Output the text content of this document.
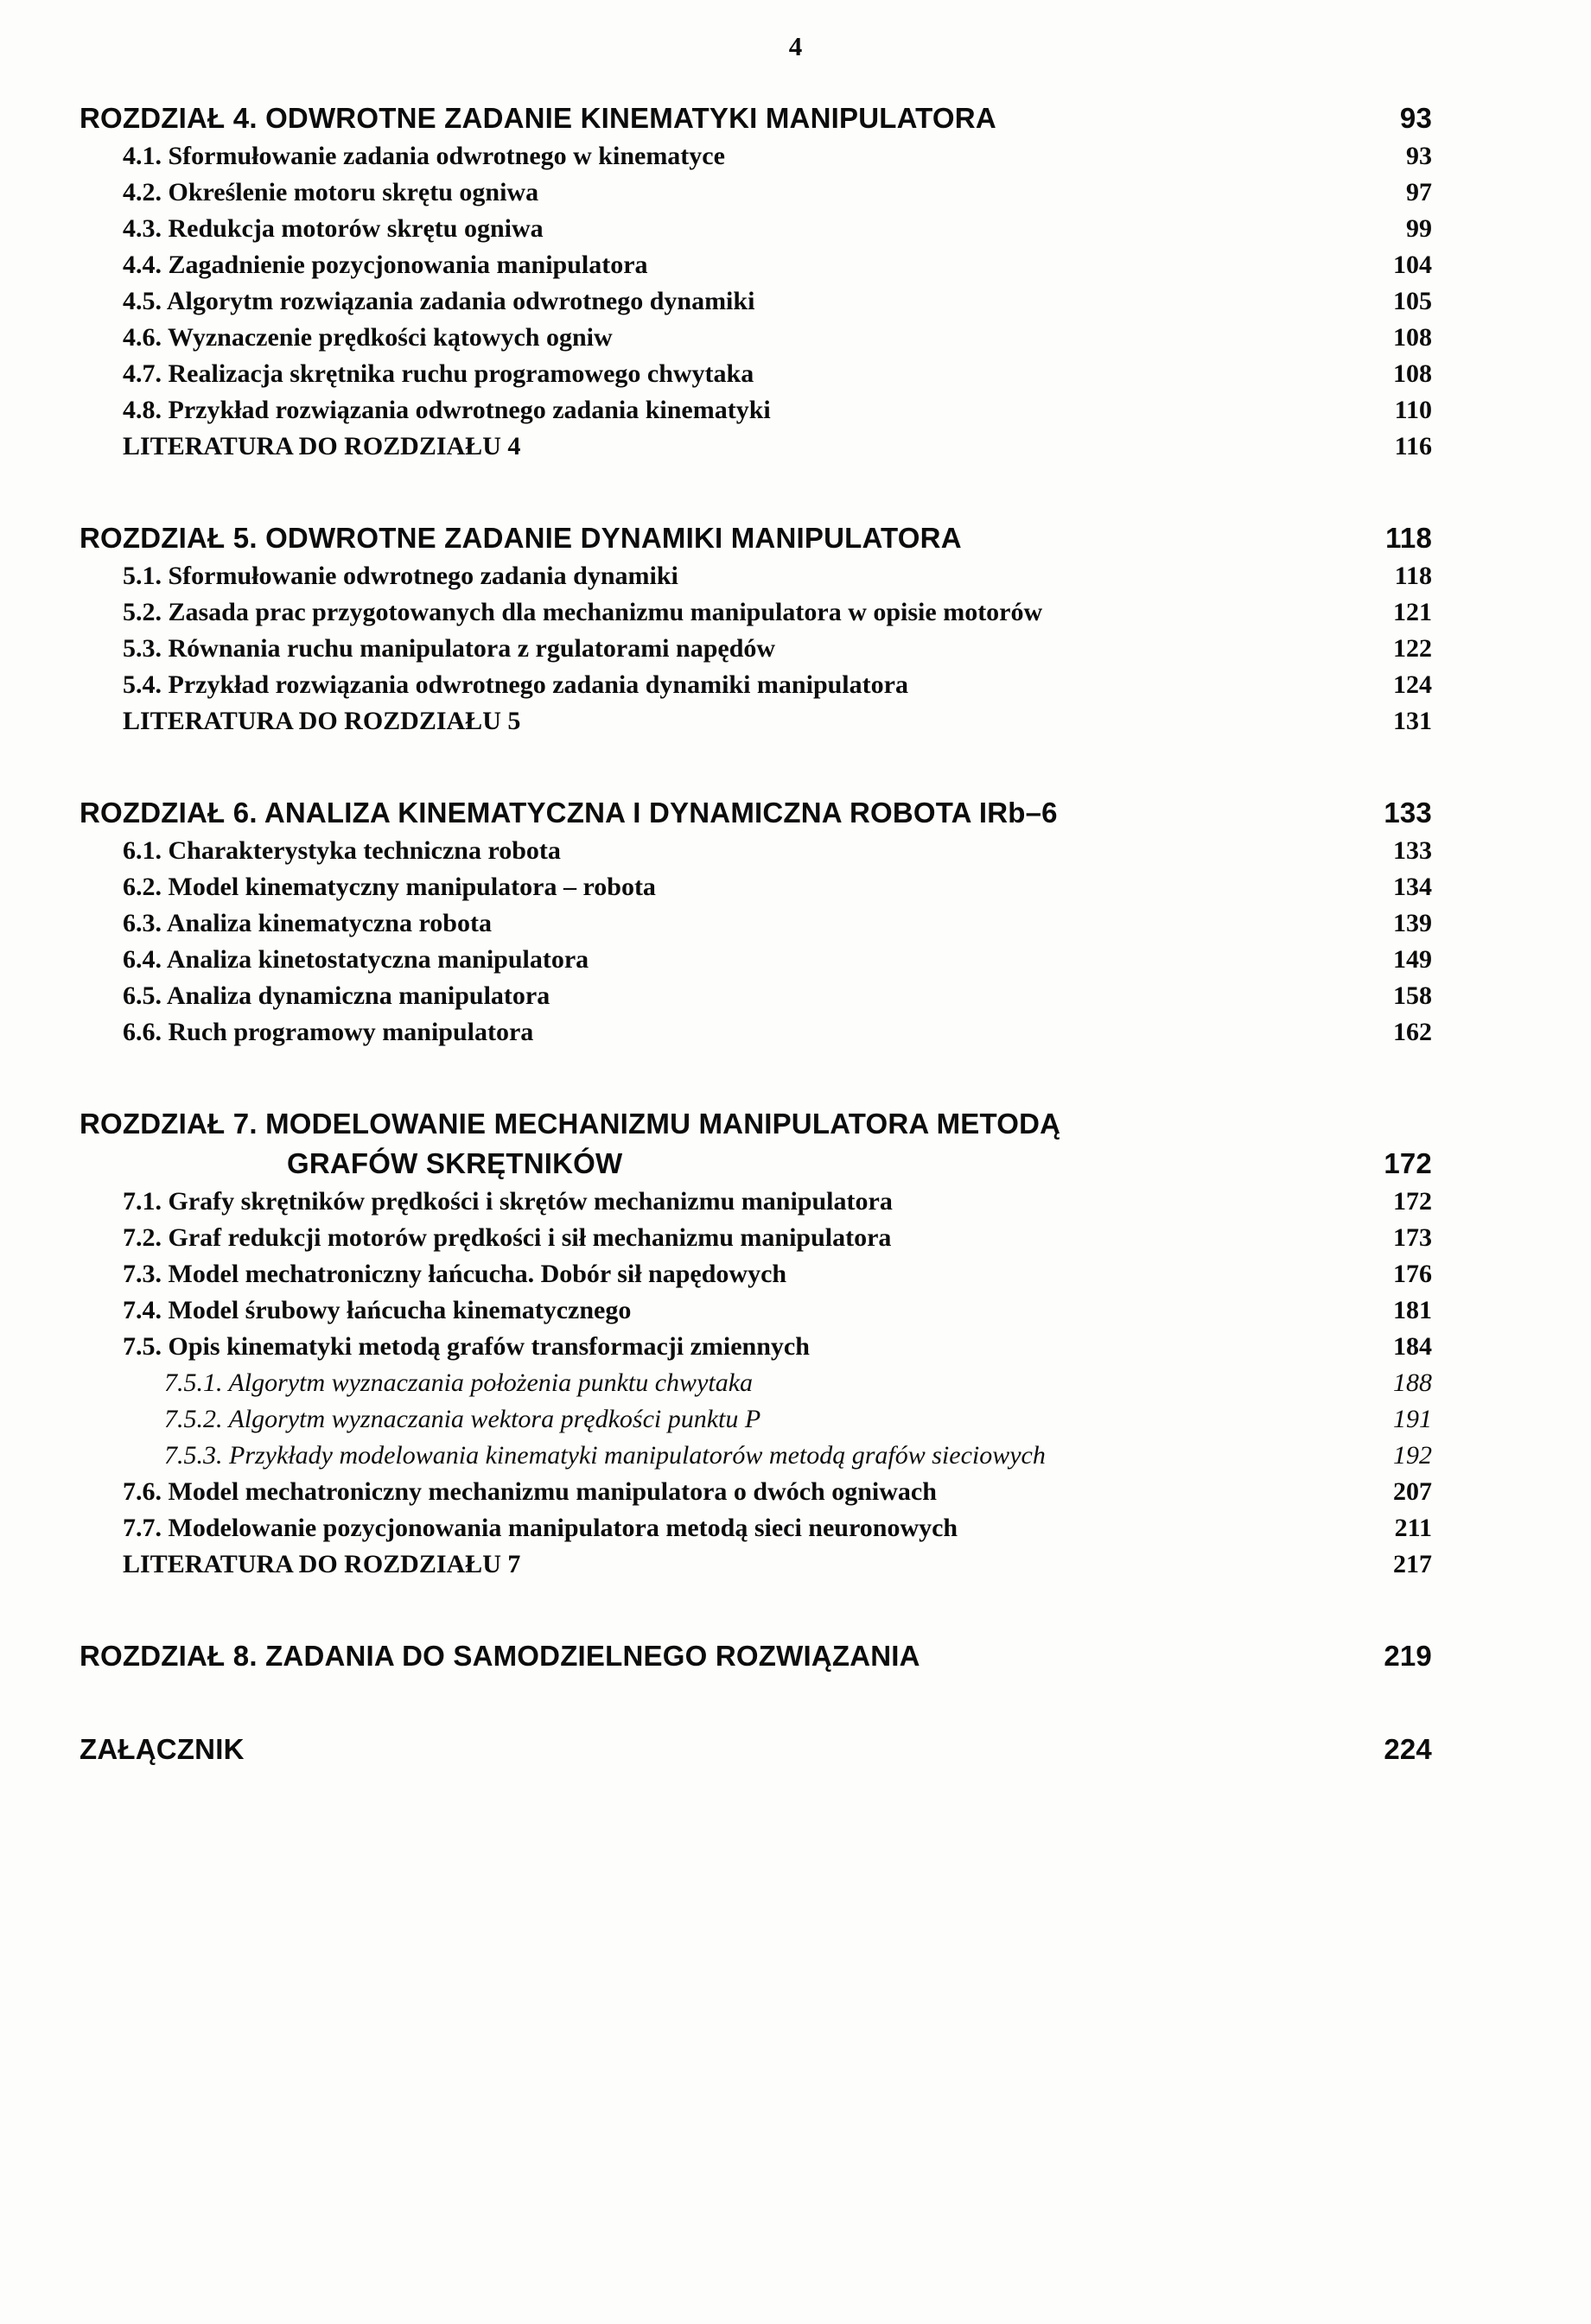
4
ROZDZIAŁ 4. ODWROTNE ZADANIE KINEMATYKI MANIPULATORA	93
4.1. Sformułowanie zadania odwrotnego w kinematyce	93
4.2. Określenie motoru skrętu ogniwa	97
4.3. Redukcja motorów skrętu ogniwa	99
4.4. Zagadnienie pozycjonowania manipulatora	104
4.5. Algorytm rozwiązania zadania odwrotnego dynamiki	105
4.6. Wyznaczenie prędkości kątowych ogniw	108
4.7. Realizacja skrętnika ruchu programowego chwytaka	108
4.8. Przykład rozwiązania odwrotnego zadania kinematyki	110
LITERATURA DO ROZDZIAŁU 4	116
ROZDZIAŁ 5. ODWROTNE ZADANIE DYNAMIKI MANIPULATORA	118
5.1. Sformułowanie odwrotnego zadania dynamiki	118
5.2. Zasada prac przygotowanych dla mechanizmu manipulatora w opisie motorów	121
5.3. Równania ruchu manipulatora z rgulatorami napędów	122
5.4. Przykład rozwiązania odwrotnego zadania dynamiki manipulatora	124
LITERATURA DO ROZDZIAŁU 5	131
ROZDZIAŁ 6. ANALIZA KINEMATYCZNA I DYNAMICZNA ROBOTA IRb–6	133
6.1. Charakterystyka techniczna robota	133
6.2. Model kinematyczny manipulatora – robota	134
6.3. Analiza kinematyczna robota	139
6.4. Analiza kinetostatyczna manipulatora	149
6.5. Analiza dynamiczna manipulatora	158
6.6. Ruch programowy manipulatora	162
ROZDZIAŁ 7. MODELOWANIE MECHANIZMU MANIPULATORA METODĄ
GRAFÓW SKRĘTNIKÓW	172
7.1. Grafy skrętników prędkości i skrętów mechanizmu manipulatora	172
7.2. Graf redukcji motorów prędkości i sił mechanizmu manipulatora	173
7.3. Model mechatroniczny łańcucha. Dobór sił napędowych	176
7.4. Model śrubowy łańcucha kinematycznego	181
7.5. Opis kinematyki metodą grafów transformacji zmiennych	184
7.5.1. Algorytm wyznaczania położenia punktu chwytaka	188
7.5.2. Algorytm wyznaczania wektora prędkości punktu P	191
7.5.3. Przykłady modelowania kinematyki manipulatorów metodą grafów sieciowych	192
7.6. Model mechatroniczny mechanizmu manipulatora o dwóch ogniwach	207
7.7. Modelowanie pozycjonowania manipulatora metodą sieci neuronowych	211
LITERATURA DO ROZDZIAŁU 7	217
ROZDZIAŁ 8. ZADANIA DO SAMODZIELNEGO ROZWIĄZANIA	219
ZAŁĄCZNIK	224
